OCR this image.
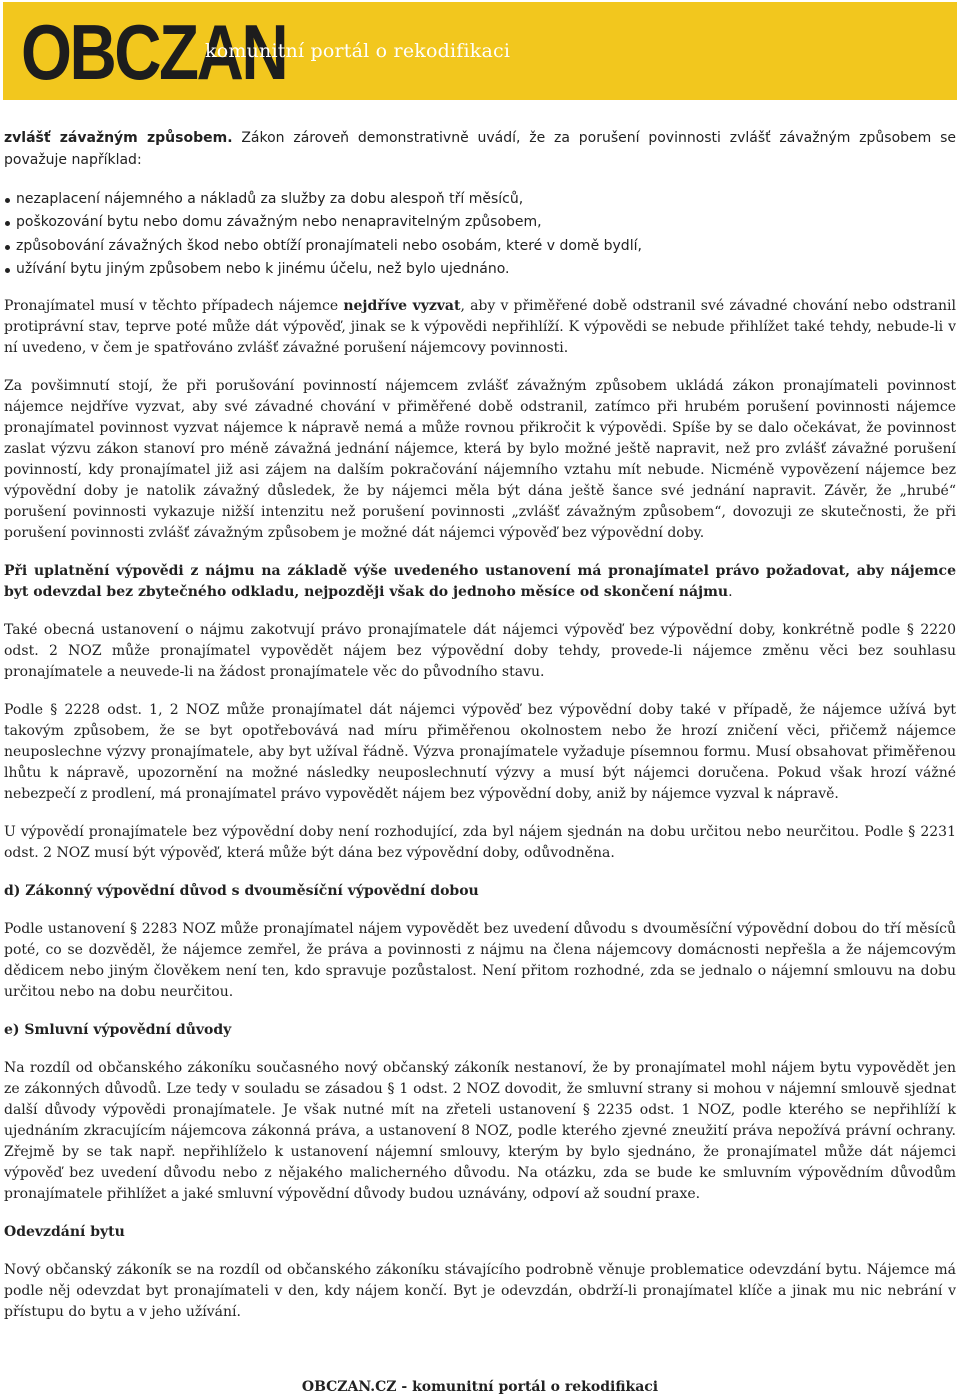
OBCZAN
komunitní portál o rekodifikaci

zvlášť závažným způsobem. Zákon zároveň demonstrativně uvádí, že za porušení povinnosti zvlášť závažným způsobem se považuje například:

nezaplacení nájemného a nákladů za služby za dobu alespoň tří měsíců,
poškozování bytu nebo domu závažným nebo nenapravitelným způsobem,
způsobování závažných škod nebo obtíží pronajímateli nebo osobám, které v domě bydlí,
užívání bytu jiným způsobem nebo k jinému účelu, než bylo ujednáno.

Pronajímatel musí v těchto případech nájemce nejdříve vyzvat, aby v přiměřené době odstranil své závadné chování nebo odstranil protiprávní stav, teprve poté může dát výpověď, jinak se k výpovědi nepřihlíží. K výpovědi se nebude přihlížet také tehdy, nebude-li v ní uvedeno, v čem je spatřováno zvlášť závažné porušení nájemcovy povinnosti.

Za povšimnutí stojí, že při porušování povinností nájemcem zvlášť závažným způsobem ukládá zákon pronajímateli povinnost nájemce nejdříve vyzvat, aby své závadné chování v přiměřené době odstranil, zatímco při hrubém porušení povinnosti nájemce pronajímatel povinnost vyzvat nájemce k nápravě nemá a může rovnou přikročit k výpovědi. Spíše by se dalo očekávat, že povinnost zaslat výzvu zákon stanoví pro méně závažná jednání nájemce, která by bylo možné ještě napravit, než pro zvlášť závažné porušení povinností, kdy pronajímatel již asi zájem na dalším pokračování nájemního vztahu mít nebude. Nicméně vypovězení nájemce bez výpovědní doby je natolik závažný důsledek, že by nájemci měla být dána ještě šance své jednání napravit. Závěr, že „hrubé“ porušení povinnosti vykazuje nižší intenzitu než porušení povinnosti „zvlášť závažným způsobem“, dovozuji ze skutečnosti, že při porušení povinnosti zvlášť závažným způsobem je možné dát nájemci výpověď bez výpovědní doby.

Při uplatnění výpovědi z nájmu na základě výše uvedeného ustanovení má pronajímatel právo požadovat, aby nájemce byt odevzdal bez zbytečného odkladu, nejpozději však do jednoho měsíce od skončení nájmu.

Také obecná ustanovení o nájmu zakotvují právo pronajímatele dát nájemci výpověď bez výpovědní doby, konkrétně podle § 2220 odst. 2 NOZ může pronajímatel vypovědět nájem bez výpovědní doby tehdy, provede-li nájemce změnu věci bez souhlasu pronajímatele a neuvede-li na žádost pronajímatele věc do původního stavu.

Podle § 2228 odst. 1, 2 NOZ může pronajímatel dát nájemci výpověď bez výpovědní doby také v případě, že nájemce užívá byt takovým způsobem, že se byt opotřebovává nad míru přiměřenou okolnostem nebo že hrozí zničení věci, přičemž nájemce neuposlechne výzvy pronajímatele, aby byt užíval řádně. Výzva pronajímatele vyžaduje písemnou formu. Musí obsahovat přiměřenou lhůtu k nápravě, upozornění na možné následky neuposlechnutí výzvy a musí být nájemci doručena. Pokud však hrozí vážné nebezpečí z prodlení, má pronajímatel právo vypovědět nájem bez výpovědní doby, aniž by nájemce vyzval k nápravě.

U výpovědí pronajímatele bez výpovědní doby není rozhodující, zda byl nájem sjednán na dobu určitou nebo neurčitou. Podle § 2231 odst. 2 NOZ musí být výpověď, která může být dána bez výpovědní doby, odůvodněna.

d) Zákonný výpovědní důvod s dvouměsíční výpovědní dobou

Podle ustanovení § 2283 NOZ může pronajímatel nájem vypovědět bez uvedení důvodu s dvouměsíční výpovědní dobou do tří měsíců poté, co se dozvěděl, že nájemce zemřel, že práva a povinnosti z nájmu na člena nájemcovy domácnosti nepřešla a že nájemcovým dědicem nebo jiným člověkem není ten, kdo spravuje pozůstalost. Není přitom rozhodné, zda se jednalo o nájemní smlouvu na dobu určitou nebo na dobu neurčitou.

e) Smluvní výpovědní důvody

Na rozdíl od občanského zákoníku současného nový občanský zákoník nestanoví, že by pronajímatel mohl nájem bytu vypovědět jen ze zákonných důvodů. Lze tedy v souladu se zásadou § 1 odst. 2 NOZ dovodit, že smluvní strany si mohou v nájemní smlouvě sjednat další důvody výpovědi pronajímatele. Je však nutné mít na zřeteli ustanovení § 2235 odst. 1 NOZ, podle kterého se nepřihlíží k ujednáním zkracujícím nájemcova zákonná práva, a ustanovení 8 NOZ, podle kterého zjevné zneužití práva nepožívá právní ochrany. Zřejmě by se tak např. nepřihlíželo k ustanovení nájemní smlouvy, kterým by bylo sjednáno, že pronajímatel může dát nájemci výpověď bez uvedení důvodu nebo z nějakého malicherného důvodu. Na otázku, zda se bude ke smluvním výpovědním důvodům pronajímatele přihlížet a jaké smluvní výpovědní důvody budou uznávány, odpoví až soudní praxe.

Odevzdání bytu

Nový občanský zákoník se na rozdíl od občanského zákoníku stávajícího podrobně věnuje problematice odevzdání bytu. Nájemce má podle něj odevzdat byt pronajímateli v den, kdy nájem končí. Byt je odevzdán, obdrží-li pronajímatel klíče a jinak mu nic nebrání v přístupu do bytu a v jeho užívání.

OBCZAN.CZ - komunitní portál o rekodifikaci
